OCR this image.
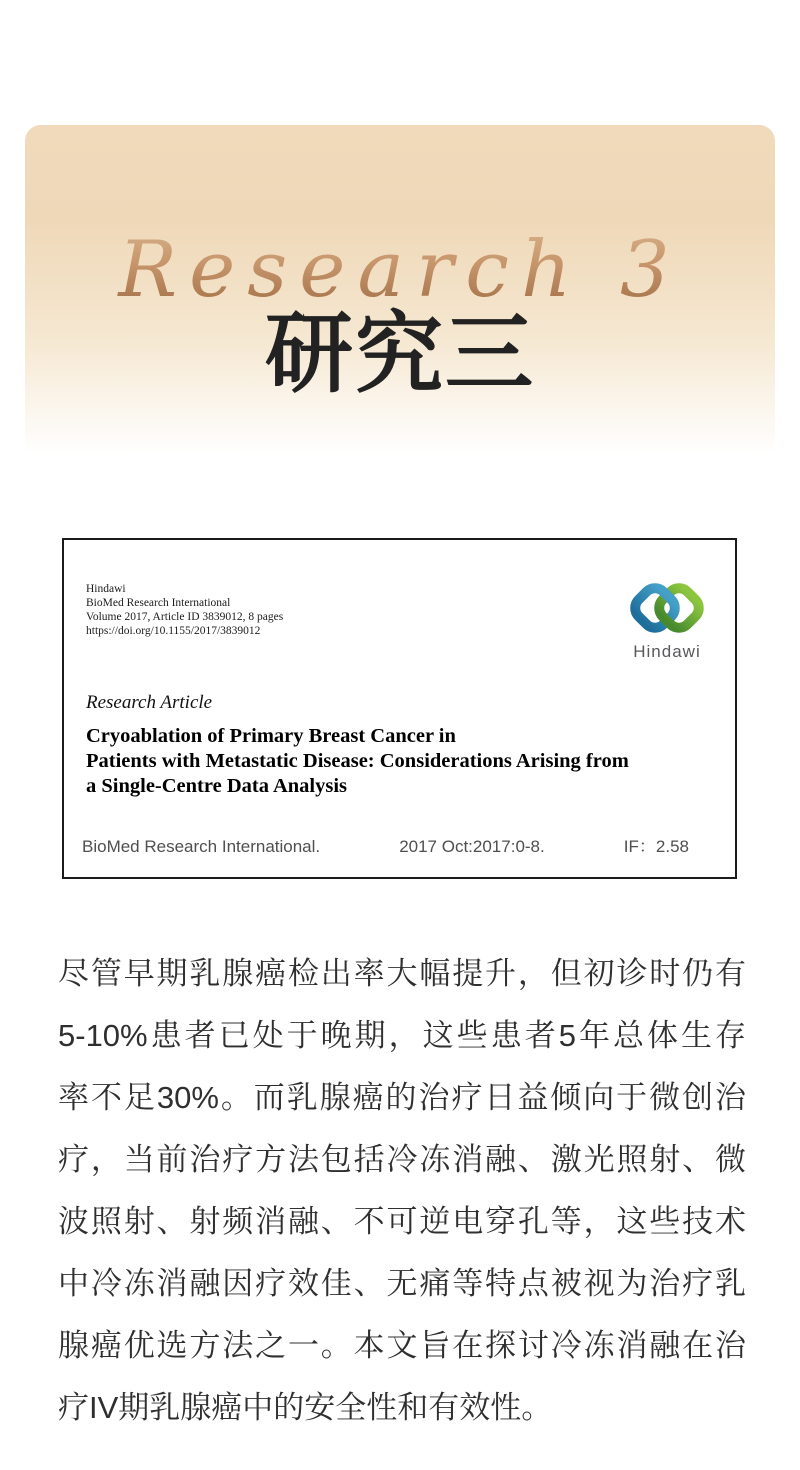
Research 3
研究三
Hindawi
BioMed Research International
Volume 2017, Article ID 3839012, 8 pages
https://doi.org/10.1155/2017/3839012
Hindawi
Research Article
Cryoablation of Primary Breast Cancer in
Patients with Metastatic Disease: Considerations Arising from
a Single-Centre Data Analysis
BioMed Research International.	2017 Oct:2017:0-8.	IF：2.58
尽管早期乳腺癌检出率大幅提升，但初诊时仍有
5-10%患者已处于晚期，这些患者5年总体生存
率不足30%。而乳腺癌的治疗日益倾向于微创治
疗，当前治疗方法包括冷冻消融、激光照射、微
波照射、射频消融、不可逆电穿孔等，这些技术
中冷冻消融因疗效佳、无痛等特点被视为治疗乳
腺癌优选方法之一。本文旨在探讨冷冻消融在治
疗IV期乳腺癌中的安全性和有效性。
